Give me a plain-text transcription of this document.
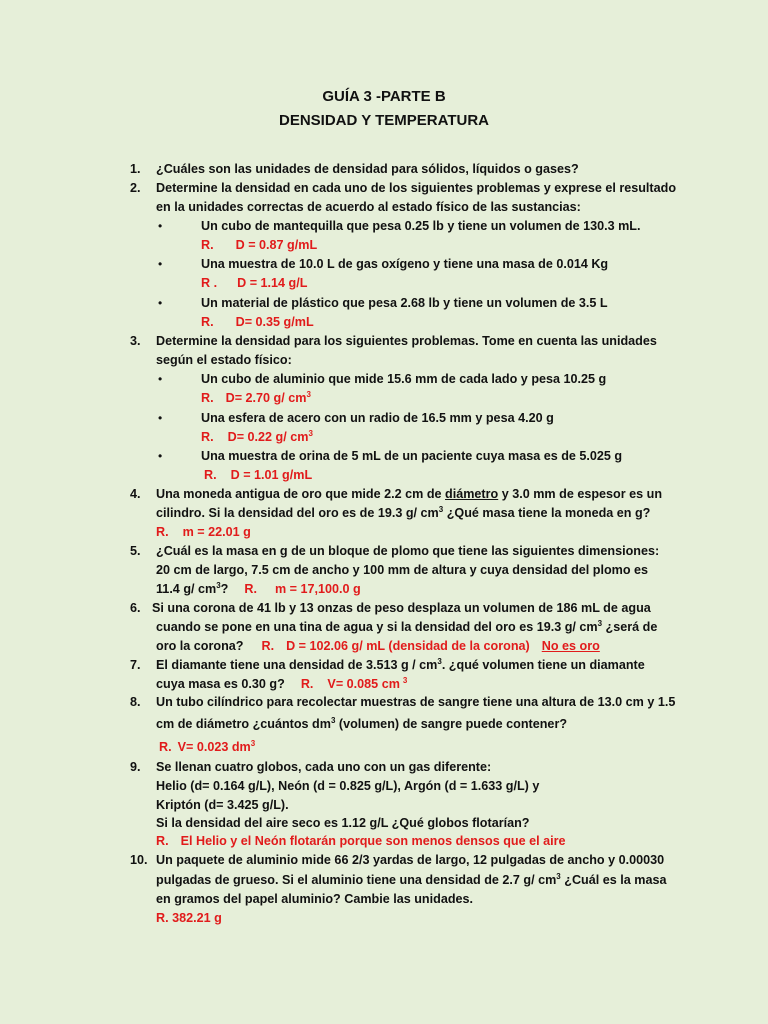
GUÍA 3 -PARTE B
DENSIDAD Y TEMPERATURA
1. ¿Cuáles son las unidades de densidad para sólidos, líquidos o gases?
2. Determine la densidad en cada uno de los siguientes problemas y exprese el resultado
en la unidades correctas de acuerdo al estado físico de las sustancias:
•	Un cubo de mantequilla que pesa 0.25 lb y tiene un volumen de 130.3 mL.
R. D = 0.87 g/mL
•	Una muestra de 10.0 L de gas oxígeno y tiene una masa de 0.014 Kg
R . D = 1.14 g/L
•	Un material de plástico que pesa 2.68 lb y tiene un volumen de 3.5 L
R. D= 0.35 g/mL
3. Determine la densidad para los siguientes problemas. Tome en cuenta las unidades
según el estado físico:
•	Un cubo de aluminio que mide 15.6 mm de cada lado y pesa 10.25 g
R. D= 2.70 g/ $cm^3$
•	Una esfera de acero con un radio de 16.5 mm y pesa 4.20 g
R. D= 0.22 g/ $cm^3$
•	Una muestra de orina de 5 mL de un paciente cuya masa es de 5.025 g
R. D = 1.01 g/mL
4. Una moneda antigua de oro que mide 2.2 cm de diámetro y 3.0 mm de espesor es un
cilindro. Si la densidad del oro es de 19.3 g/ $cm^3$ ¿Qué masa tiene la moneda en g?
R. m = 22.01 g
5. ¿Cuál es la masa en g de un bloque de plomo que tiene las siguientes dimensiones:
20 cm de largo, 7.5 cm de ancho y 100 mm de altura y cuya densidad del plomo es
11.4 g/ $cm^3$? R. m = 17,100.0 g
6. Si una corona de 41 lb y 13 onzas de peso desplaza un volumen de 186 mL de agua
cuando se pone en una tina de agua y si la densidad del oro es 19.3 g/ $cm^3$ ¿será de
oro la corona? R. D = 102.06 g/ mL (densidad de la corona) No es oro
7. El diamante tiene una densidad de 3.513 g / $cm^3$. ¿qué volumen tiene un diamante
cuya masa es 0.30 g? R. V= 0.085 cm $^3$
8. Un tubo cilíndrico para recolectar muestras de sangre tiene una altura de 13.0 cm y 1.5
cm de diámetro ¿cuántos $dm^3$ (volumen) de sangre puede contener?
R. V= 0.023 $dm^3$
9. Se llenan cuatro globos, cada uno con un gas diferente:
Helio (d= 0.164 g/L), Neón (d = 0.825 g/L), Argón (d = 1.633 g/L) y
Kriptón (d= 3.425 g/L).
Si la densidad del aire seco es 1.12 g/L ¿Qué globos flotarían?
R. El Helio y el Neón flotarán porque son menos densos que el aire
10. Un paquete de aluminio mide 66 2/3 yardas de largo, 12 pulgadas de ancho y 0.00030
pulgadas de grueso. Si el aluminio tiene una densidad de 2.7 g/ $cm^3$ ¿Cuál es la masa
en gramos del papel aluminio? Cambie las unidades.
R. 382.21 g
